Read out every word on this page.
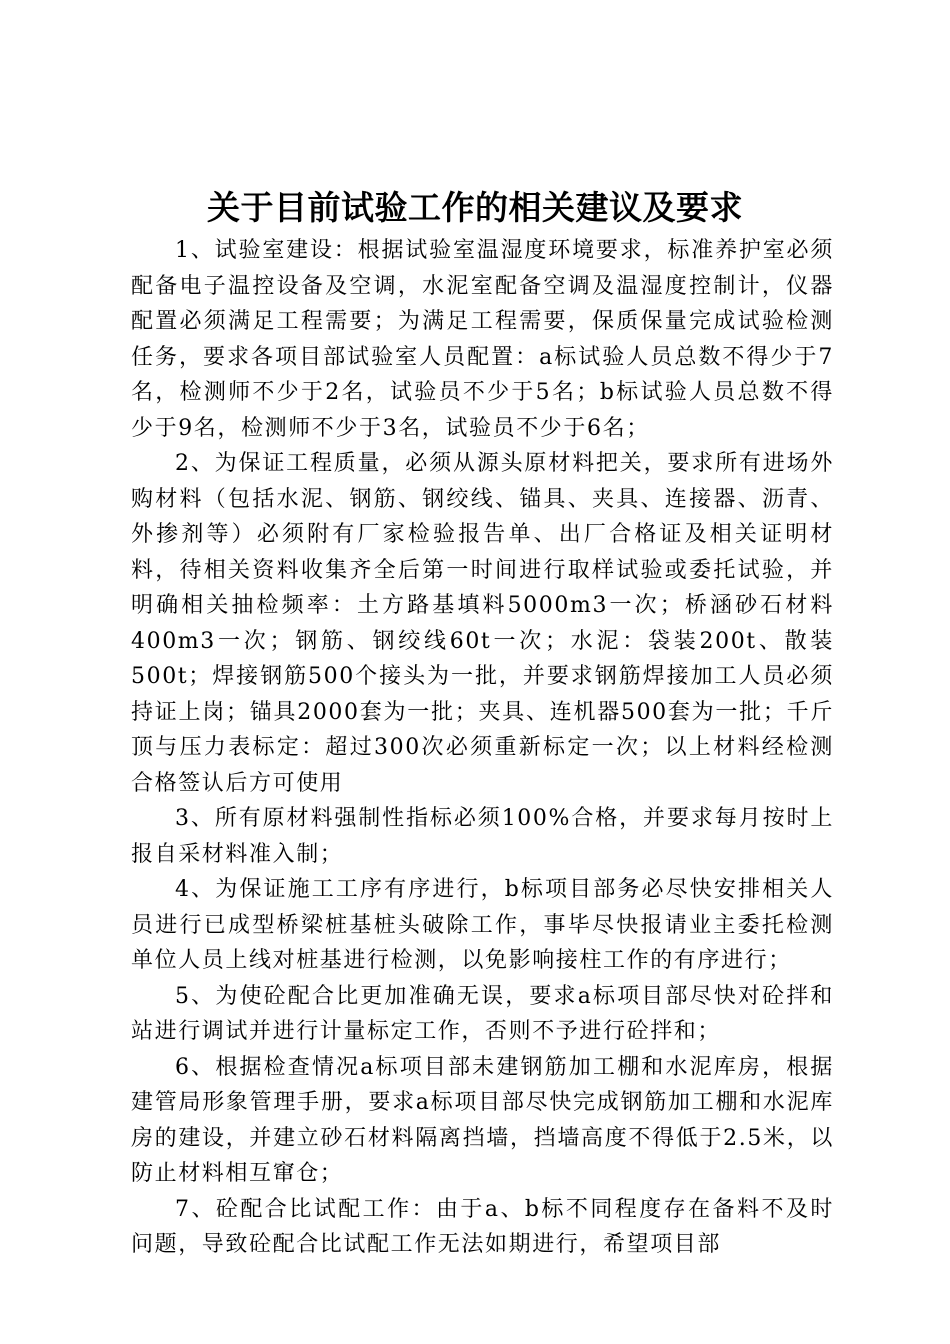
关于目前试验工作的相关建议及要求

1、试验室建设：根据试验室温湿度环境要求，标准养护室必须配备电子温控设备及空调，水泥室配备空调及温湿度控制计，仪器配置必须满足工程需要；为满足工程需要，保质保量完成试验检测任务，要求各项目部试验室人员配置：a标试验人员总数不得少于7名，检测师不少于2名，试验员不少于5名；b标试验人员总数不得少于9名，检测师不少于3名，试验员不少于6名；

2、为保证工程质量，必须从源头原材料把关，要求所有进场外购材料（包括水泥、钢筋、钢绞线、锚具、夹具、连接器、沥青、外掺剂等）必须附有厂家检验报告单、出厂合格证及相关证明材料，待相关资料收集齐全后第一时间进行取样试验或委托试验，并明确相关抽检频率：土方路基填料5000m3一次；桥涵砂石材料400m3一次；钢筋、钢绞线60t一次；水泥：袋装200t、散装500t；焊接钢筋500个接头为一批，并要求钢筋焊接加工人员必须持证上岗；锚具2000套为一批；夹具、连机器500套为一批；千斤顶与压力表标定：超过300次必须重新标定一次；以上材料经检测合格签认后方可使用

3、所有原材料强制性指标必须100%合格，并要求每月按时上报自采材料准入制；

4、为保证施工工序有序进行，b标项目部务必尽快安排相关人员进行已成型桥梁桩基桩头破除工作，事毕尽快报请业主委托检测单位人员上线对桩基进行检测，以免影响接柱工作的有序进行；

5、为使砼配合比更加准确无误，要求a标项目部尽快对砼拌和站进行调试并进行计量标定工作，否则不予进行砼拌和；

6、根据检查情况a标项目部未建钢筋加工棚和水泥库房，根据建管局形象管理手册，要求a标项目部尽快完成钢筋加工棚和水泥库房的建设，并建立砂石材料隔离挡墙，挡墙高度不得低于2.5米，以防止材料相互窜仓；

7、砼配合比试配工作：由于a、b标不同程度存在备料不及时问题，导致砼配合比试配工作无法如期进行，希望项目部
